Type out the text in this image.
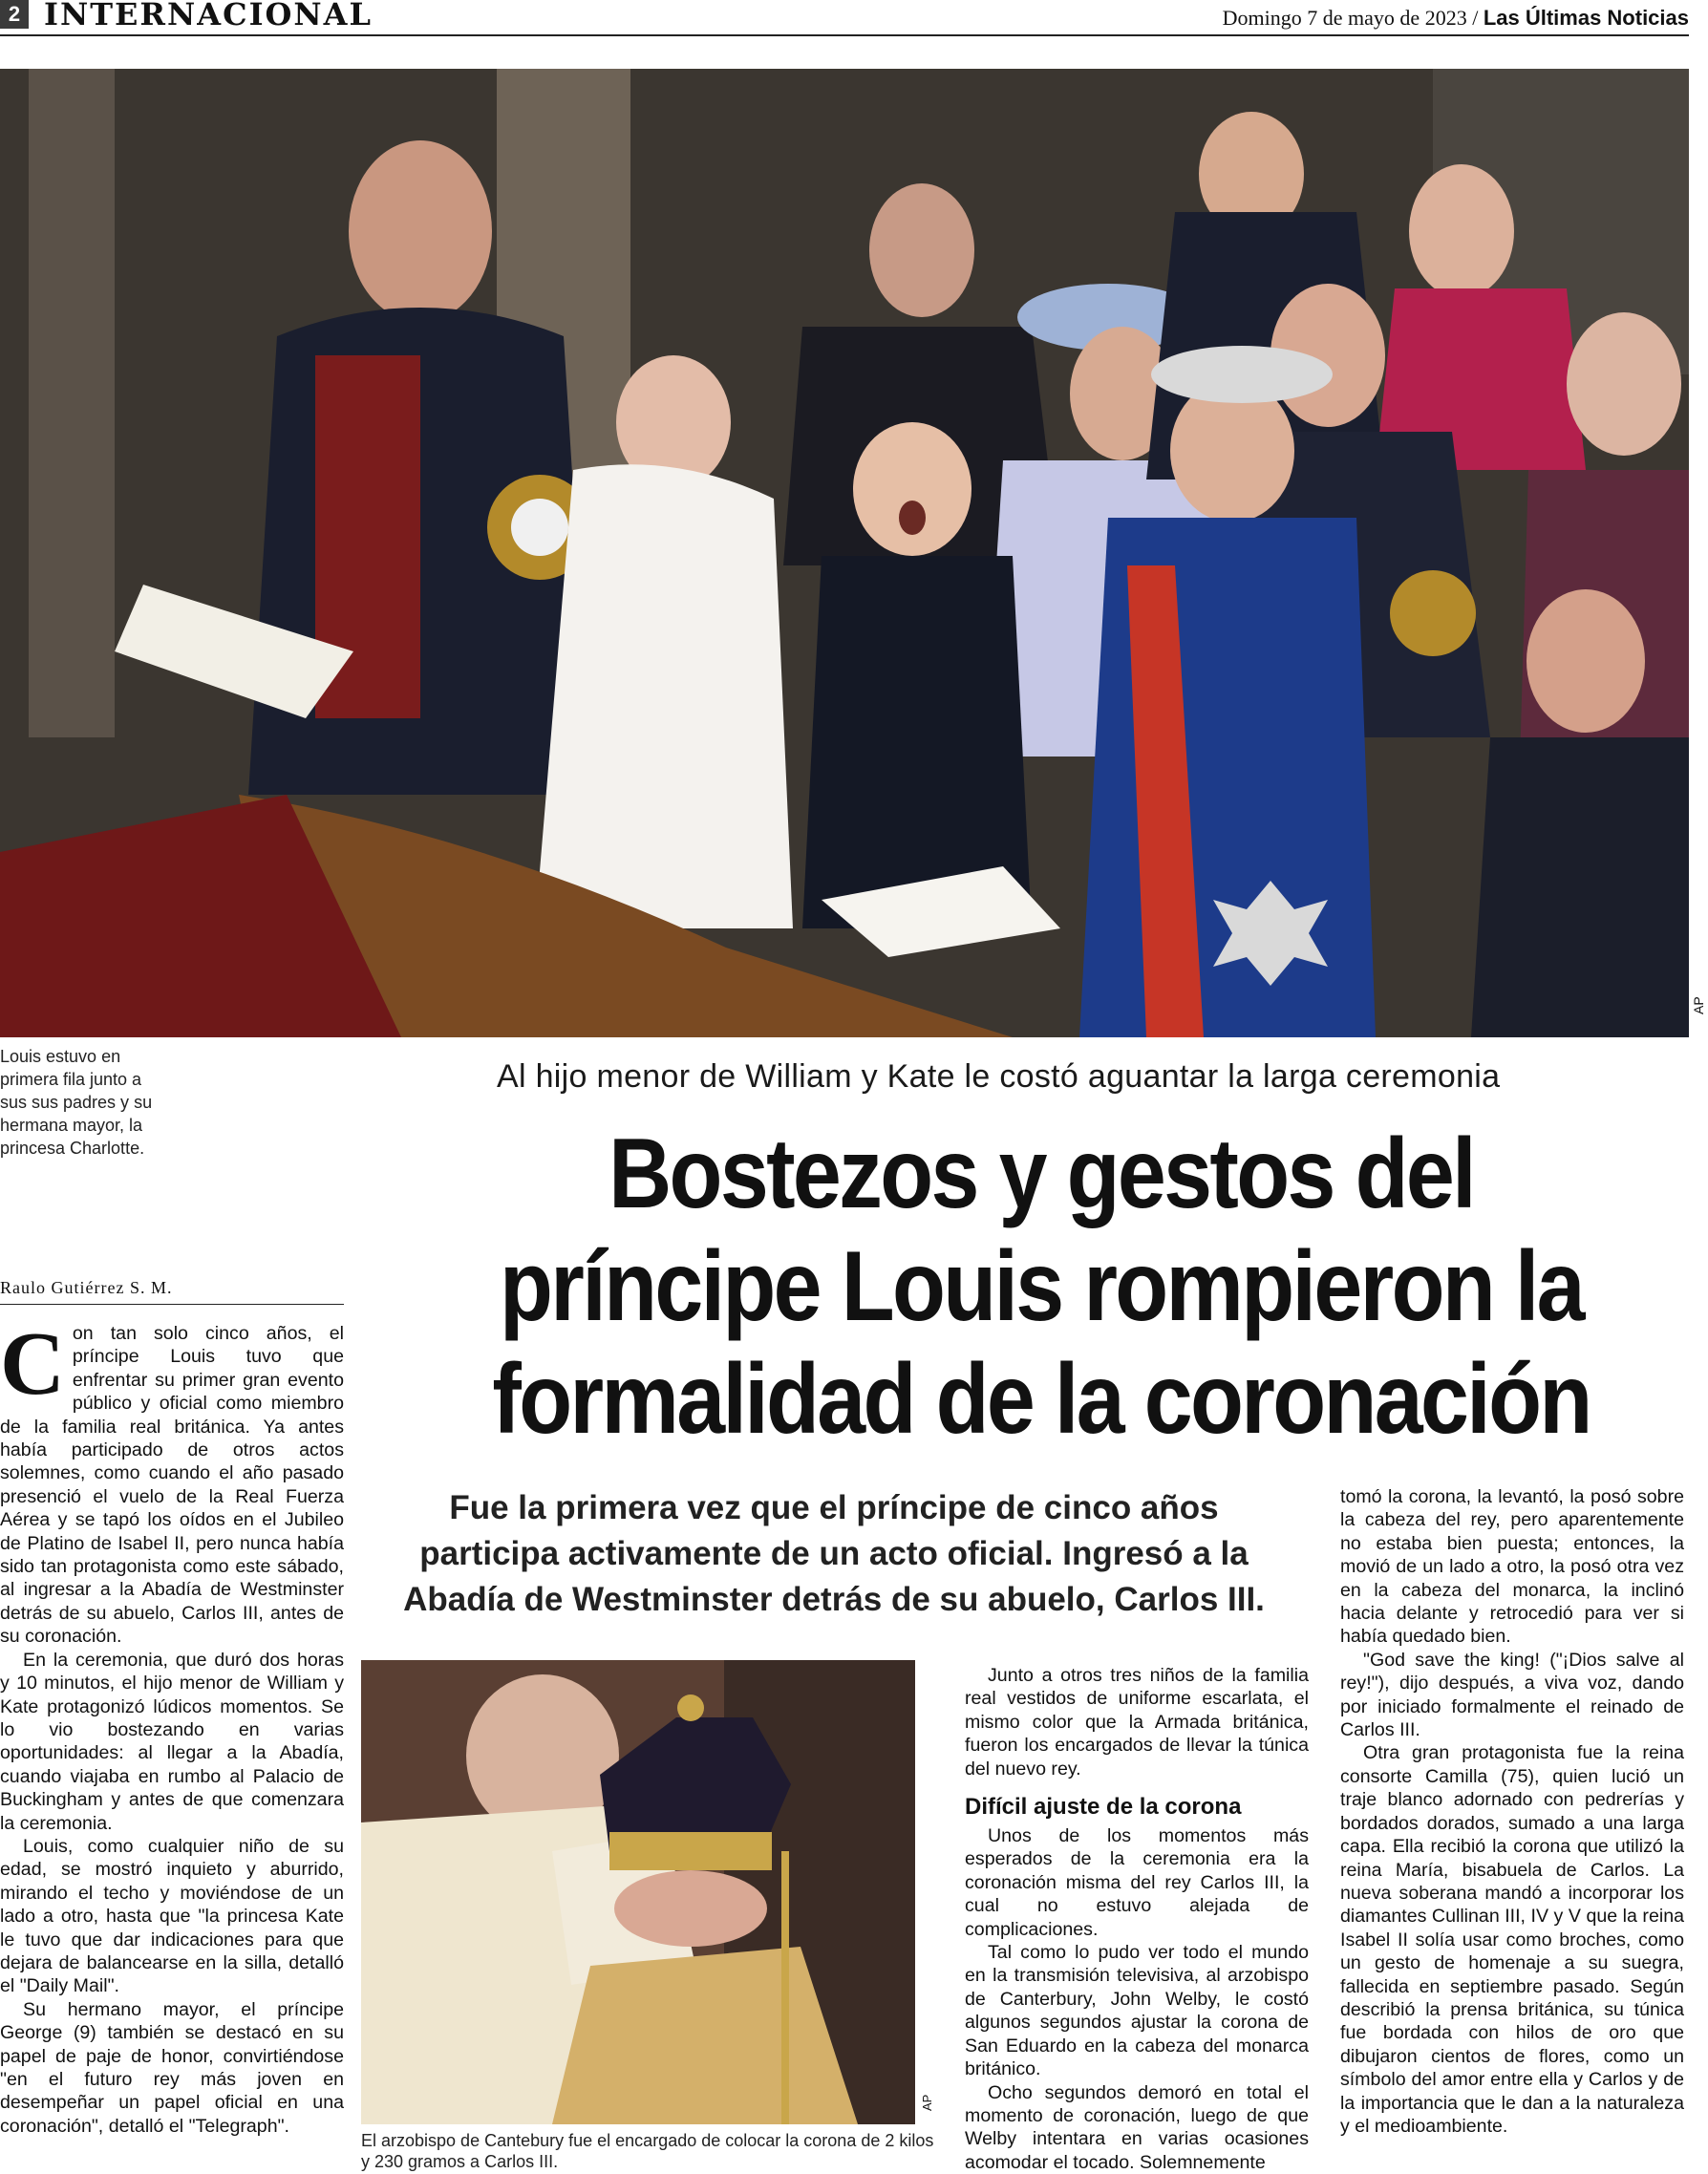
2 INTERNACIONAL	Domingo 7 de mayo de 2023 / Las Últimas Noticias
AP
Louis estuvo en primera fila junto a sus sus padres y su hermana mayor, la princesa Charlotte.
Al hijo menor de William y Kate le costó aguantar la larga ceremonia
Bostezos y gestos del
príncipe Louis rompieron la
formalidad de la coronación
Fue la primera vez que el príncipe de cinco años participa activamente de un acto oficial. Ingresó a la Abadía de Westminster detrás de su abuelo, Carlos III.
Raulo Gutiérrez S. M.

Con tan solo cinco años, el príncipe Louis tuvo que enfrentar su primer gran evento público y oficial como miembro de la familia real británica. Ya antes había participado de otros actos solemnes, como cuando el año pasado presenció el vuelo de la Real Fuerza Aérea y se tapó los oídos en el Jubileo de Platino de Isabel II, pero nunca había sido tan protagonista como este sábado, al ingresar a la Abadía de Westminster detrás de su abuelo, Carlos III, antes de su coronación.

En la ceremonia, que duró dos horas y 10 minutos, el hijo menor de William y Kate protagonizó lúdicos momentos. Se lo vio bostezando en varias oportunidades: al llegar a la Abadía, cuando viajaba en rumbo al Palacio de Buckingham y antes de que comenzara la ceremonia.

Louis, como cualquier niño de su edad, se mostró inquieto y aburrido, mirando el techo y moviéndose de un lado a otro, hasta que "la princesa Kate le tuvo que dar indicaciones para que dejara de balancearse en la silla, detalló el "Daily Mail".

Su hermano mayor, el príncipe George (9) también se destacó en su papel de paje de honor, convirtiéndose "en el futuro rey más joven en desempeñar un papel oficial en una coronación", detalló el "Telegraph".

AP
El arzobispo de Cantebury fue el encargado de colocar la corona de 2 kilos y 230 gramos a Carlos III.

Junto a otros tres niños de la familia real vestidos de uniforme escarlata, el mismo color que la Armada británica, fueron los encargados de llevar la túnica del nuevo rey.

Difícil ajuste de la corona

Unos de los momentos más esperados de la ceremonia era la coronación misma del rey Carlos III, la cual no estuvo alejada de complicaciones.

Tal como lo pudo ver todo el mundo en la transmisión televisiva, al arzobispo de Canterbury, John Welby, le costó algunos segundos ajustar la corona de San Eduardo en la cabeza del monarca británico.

Ocho segundos demoró en total el momento de coronación, luego de que Welby intentara en varias ocasiones acomodar el tocado. Solemnemente

tomó la corona, la levantó, la posó sobre la cabeza del rey, pero aparentemente no estaba bien puesta; entonces, la movió de un lado a otro, la posó otra vez en la cabeza del monarca, la inclinó hacia delante y retrocedió para ver si había quedado bien.

"God save the king! ("¡Dios salve al rey!"), dijo después, a viva voz, dando por iniciado formalmente el reinado de Carlos III.

Otra gran protagonista fue la reina consorte Camilla (75), quien lució un traje blanco adornado con pedrerías y bordados dorados, sumado a una larga capa. Ella recibió la corona que utilizó la reina María, bisabuela de Carlos. La nueva soberana mandó a incorporar los diamantes Cullinan III, IV y V que la reina Isabel II solía usar como broches, como un gesto de homenaje a su suegra, fallecida en septiembre pasado. Según describió la prensa británica, su túnica fue bordada con hilos de oro que dibujaron cientos de flores, como un símbolo del amor entre ella y Carlos y de la importancia que le dan a la naturaleza y el medioambiente.
